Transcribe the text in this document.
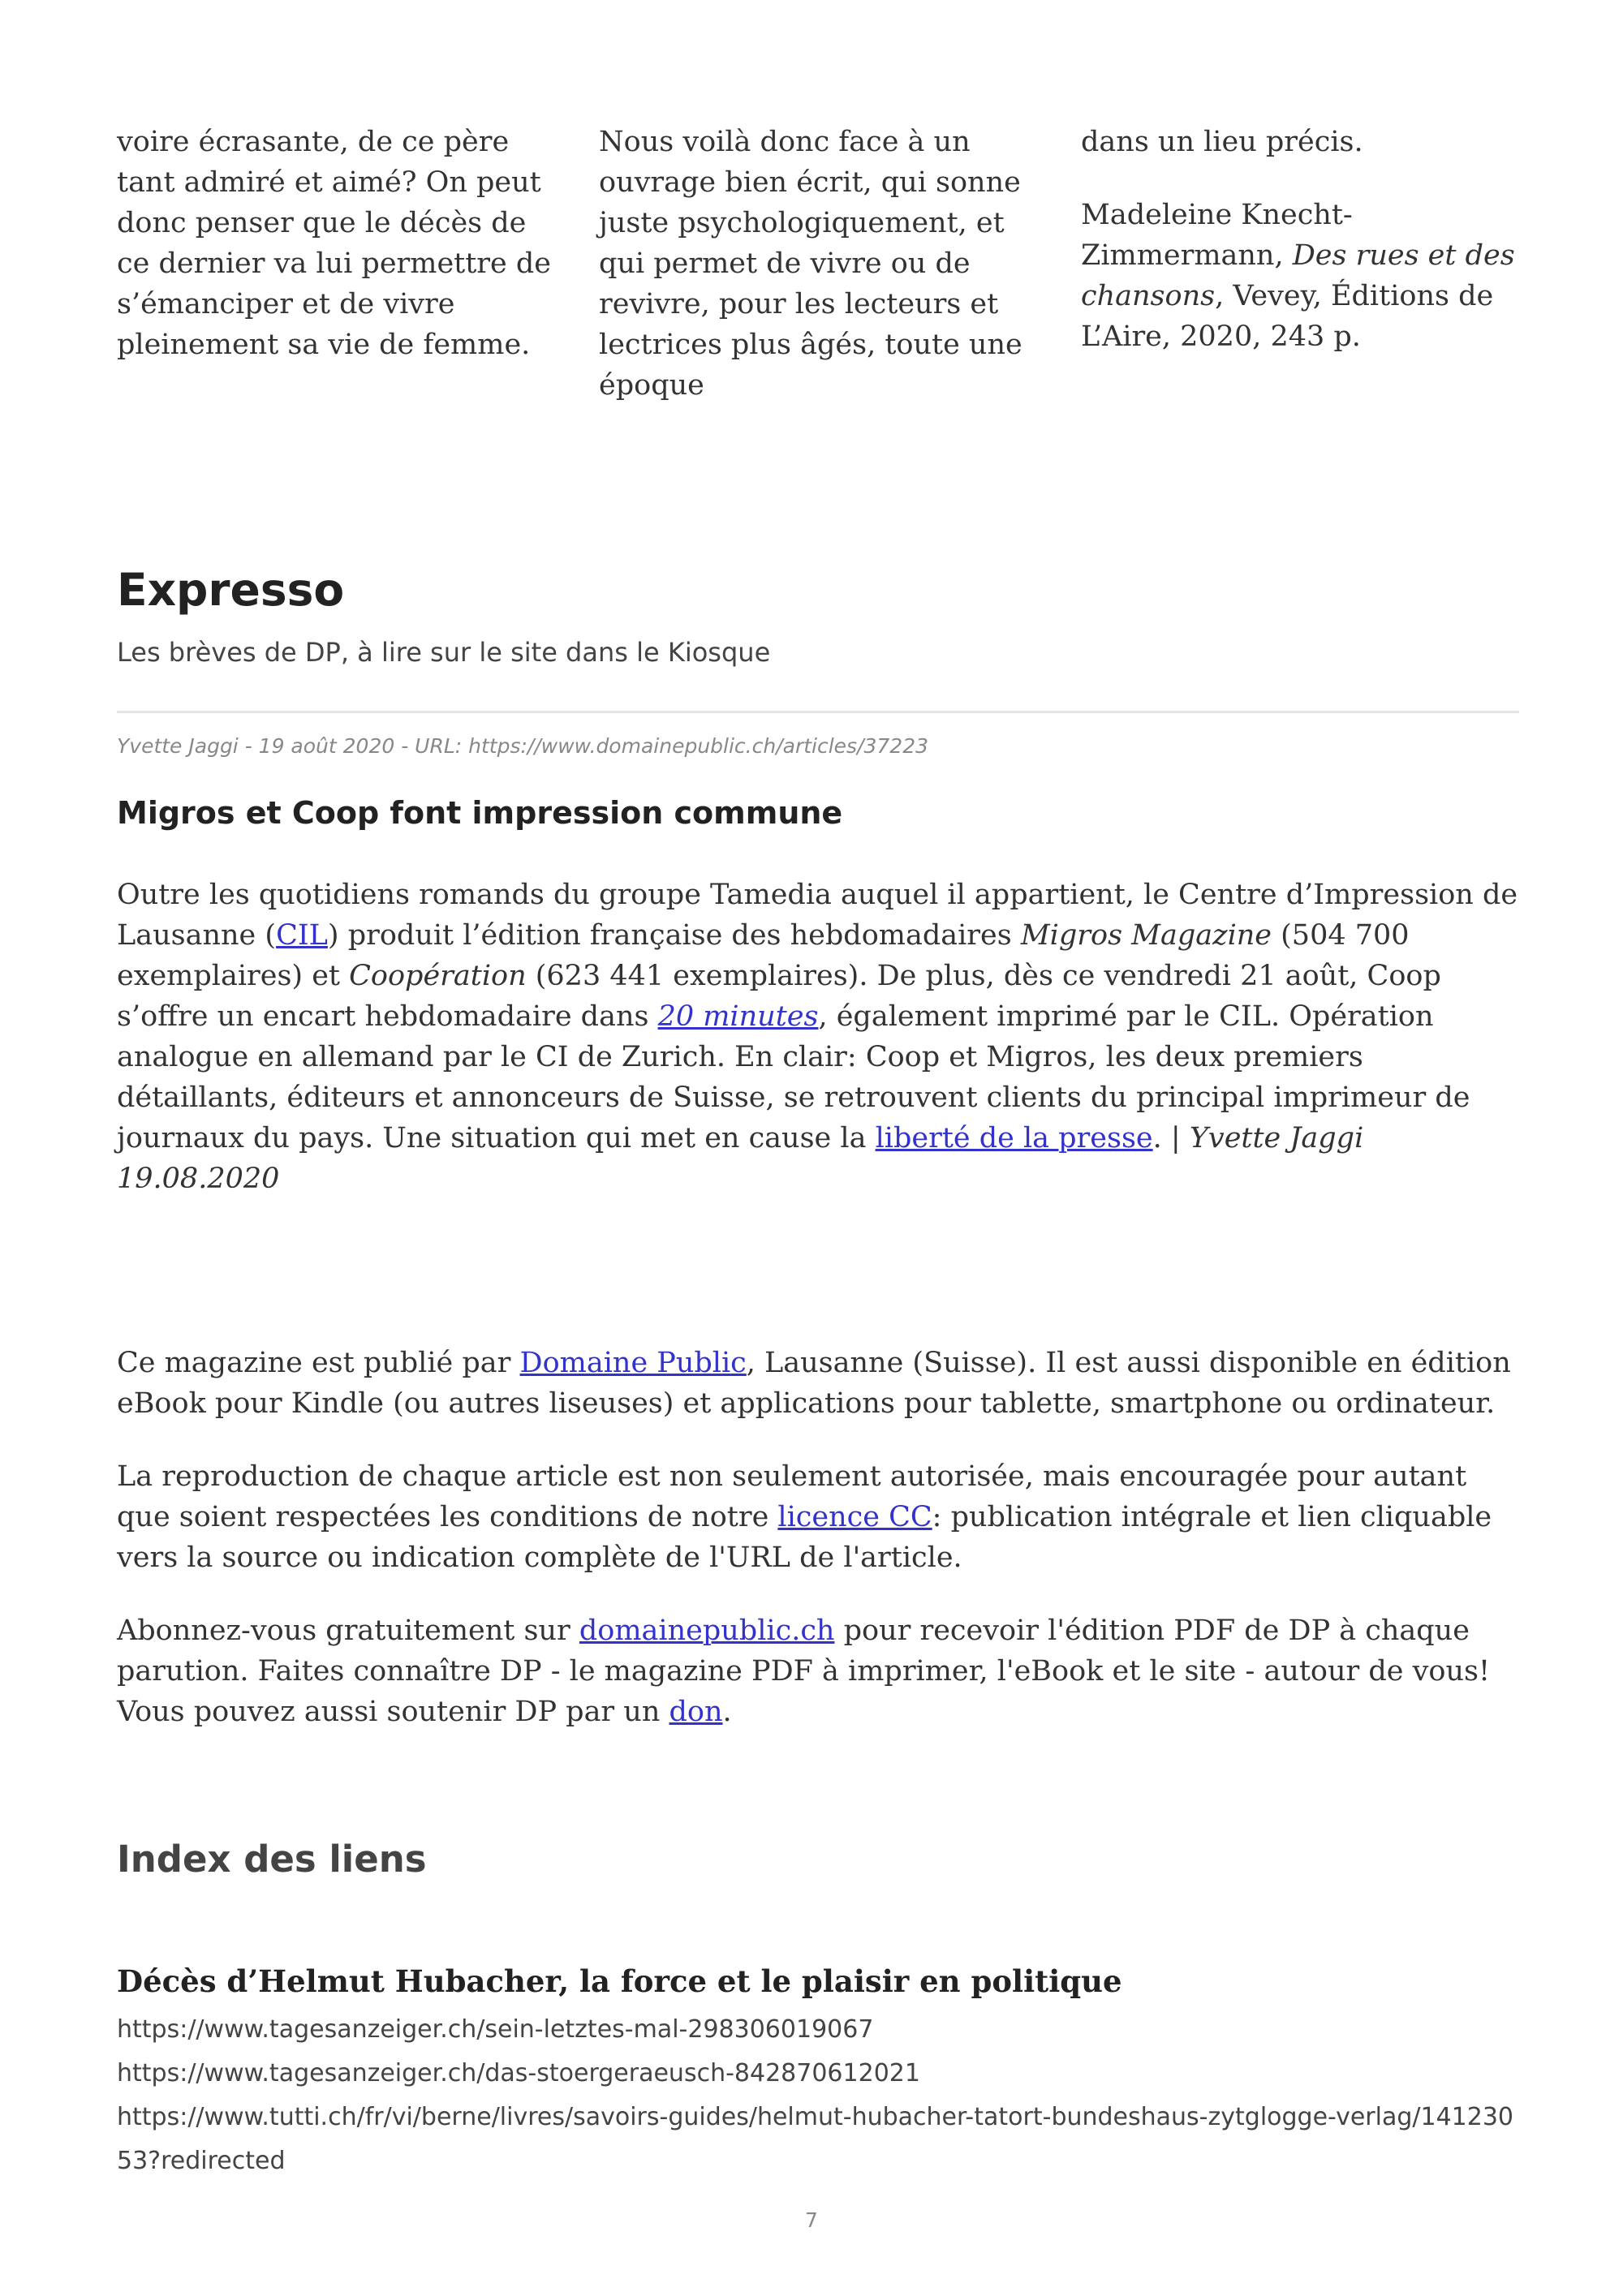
voire écrasante, de ce père tant admiré et aimé? On peut donc penser que le décès de ce dernier va lui permettre de s’émanciper et de vivre pleinement sa vie de femme.

Nous voilà donc face à un ouvrage bien écrit, qui sonne juste psychologiquement, et qui permet de vivre ou de revivre, pour les lecteurs et lectrices plus âgés, toute une époque

dans un lieu précis.

Madeleine Knecht-Zimmermann, Des rues et des chansons, Vevey, Éditions de L’Aire, 2020, 243 p.

Expresso

Les brèves de DP, à lire sur le site dans le Kiosque

Yvette Jaggi - 19 août 2020 - URL: https://www.domainepublic.ch/articles/37223

Migros et Coop font impression commune

Outre les quotidiens romands du groupe Tamedia auquel il appartient, le Centre d’Impression de Lausanne (CIL) produit l’édition française des hebdomadaires Migros Magazine (504 700 exemplaires) et Coopération (623 441 exemplaires). De plus, dès ce vendredi 21 août, Coop s’offre un encart hebdomadaire dans 20 minutes, également imprimé par le CIL. Opération analogue en allemand par le CI de Zurich. En clair: Coop et Migros, les deux premiers détaillants, éditeurs et annonceurs de Suisse, se retrouvent clients du principal imprimeur de journaux du pays. Une situation qui met en cause la liberté de la presse. | Yvette Jaggi 19.08.2020

Ce magazine est publié par Domaine Public, Lausanne (Suisse). Il est aussi disponible en édition eBook pour Kindle (ou autres liseuses) et applications pour tablette, smartphone ou ordinateur.

La reproduction de chaque article est non seulement autorisée, mais encouragée pour autant que soient respectées les conditions de notre licence CC: publication intégrale et lien cliquable vers la source ou indication complète de l'URL de l'article.

Abonnez-vous gratuitement sur domainepublic.ch pour recevoir l'édition PDF de DP à chaque parution. Faites connaître DP - le magazine PDF à imprimer, l'eBook et le site - autour de vous! Vous pouvez aussi soutenir DP par un don.

Index des liens
Décès d’Helmut Hubacher, la force et le plaisir en politique
https://www.tagesanzeiger.ch/sein-letztes-mal-298306019067
https://www.tagesanzeiger.ch/das-stoergeraeusch-842870612021
https://www.tutti.ch/fr/vi/berne/livres/savoirs-guides/helmut-hubacher-tatort-bundeshaus-zytglogge-verlag/14123053?redirected
7
